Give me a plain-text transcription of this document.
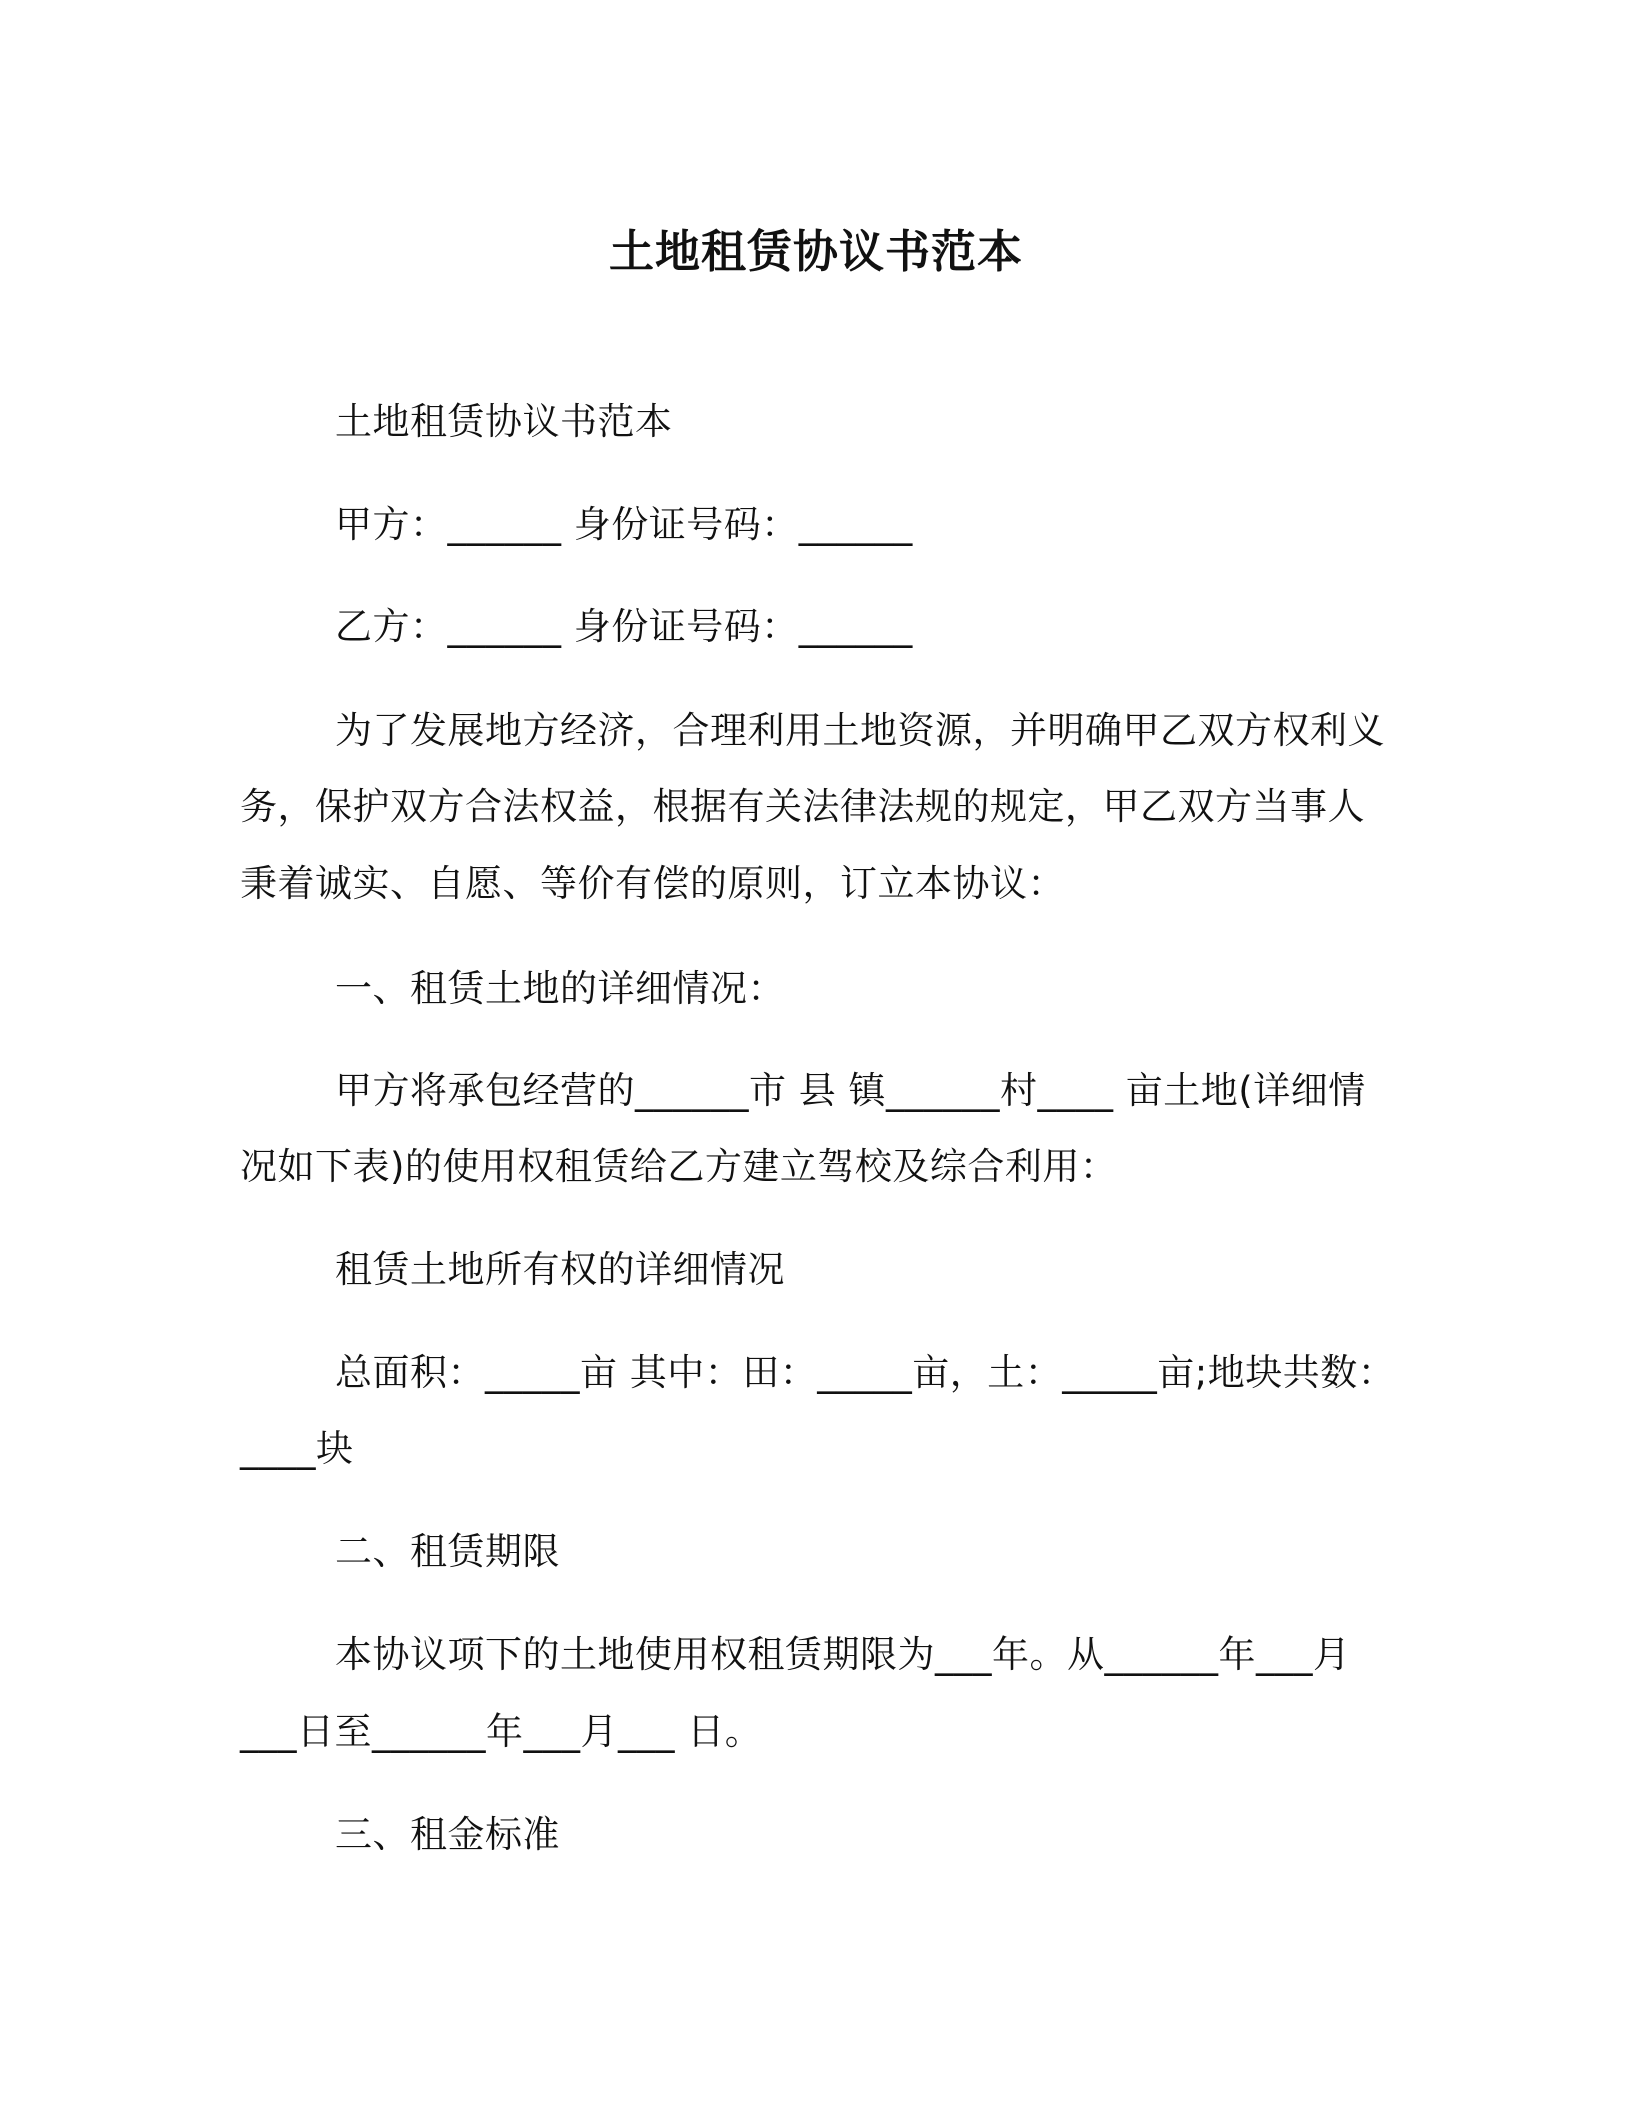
土地租赁协议书范本
土地租赁协议书范本
甲方：______ 身份证号码：______
乙方：______ 身份证号码：______
为了发展地方经济，合理利用土地资源，并明确甲乙双方权利义
务，保护双方合法权益，根据有关法律法规的规定，甲乙双方当事人
秉着诚实、自愿、等价有偿的原则，订立本协议：
一、租赁土地的详细情况：
甲方将承包经营的______市 县 镇______村____ 亩土地(详细情
况如下表)的使用权租赁给乙方建立驾校及综合利用：
租赁土地所有权的详细情况
总面积：_____亩 其中：田：_____亩，土：_____亩;地块共数：
____块
二、租赁期限
本协议项下的土地使用权租赁期限为___年。从______年___月
___日至______年___月___ 日。
三、租金标准
